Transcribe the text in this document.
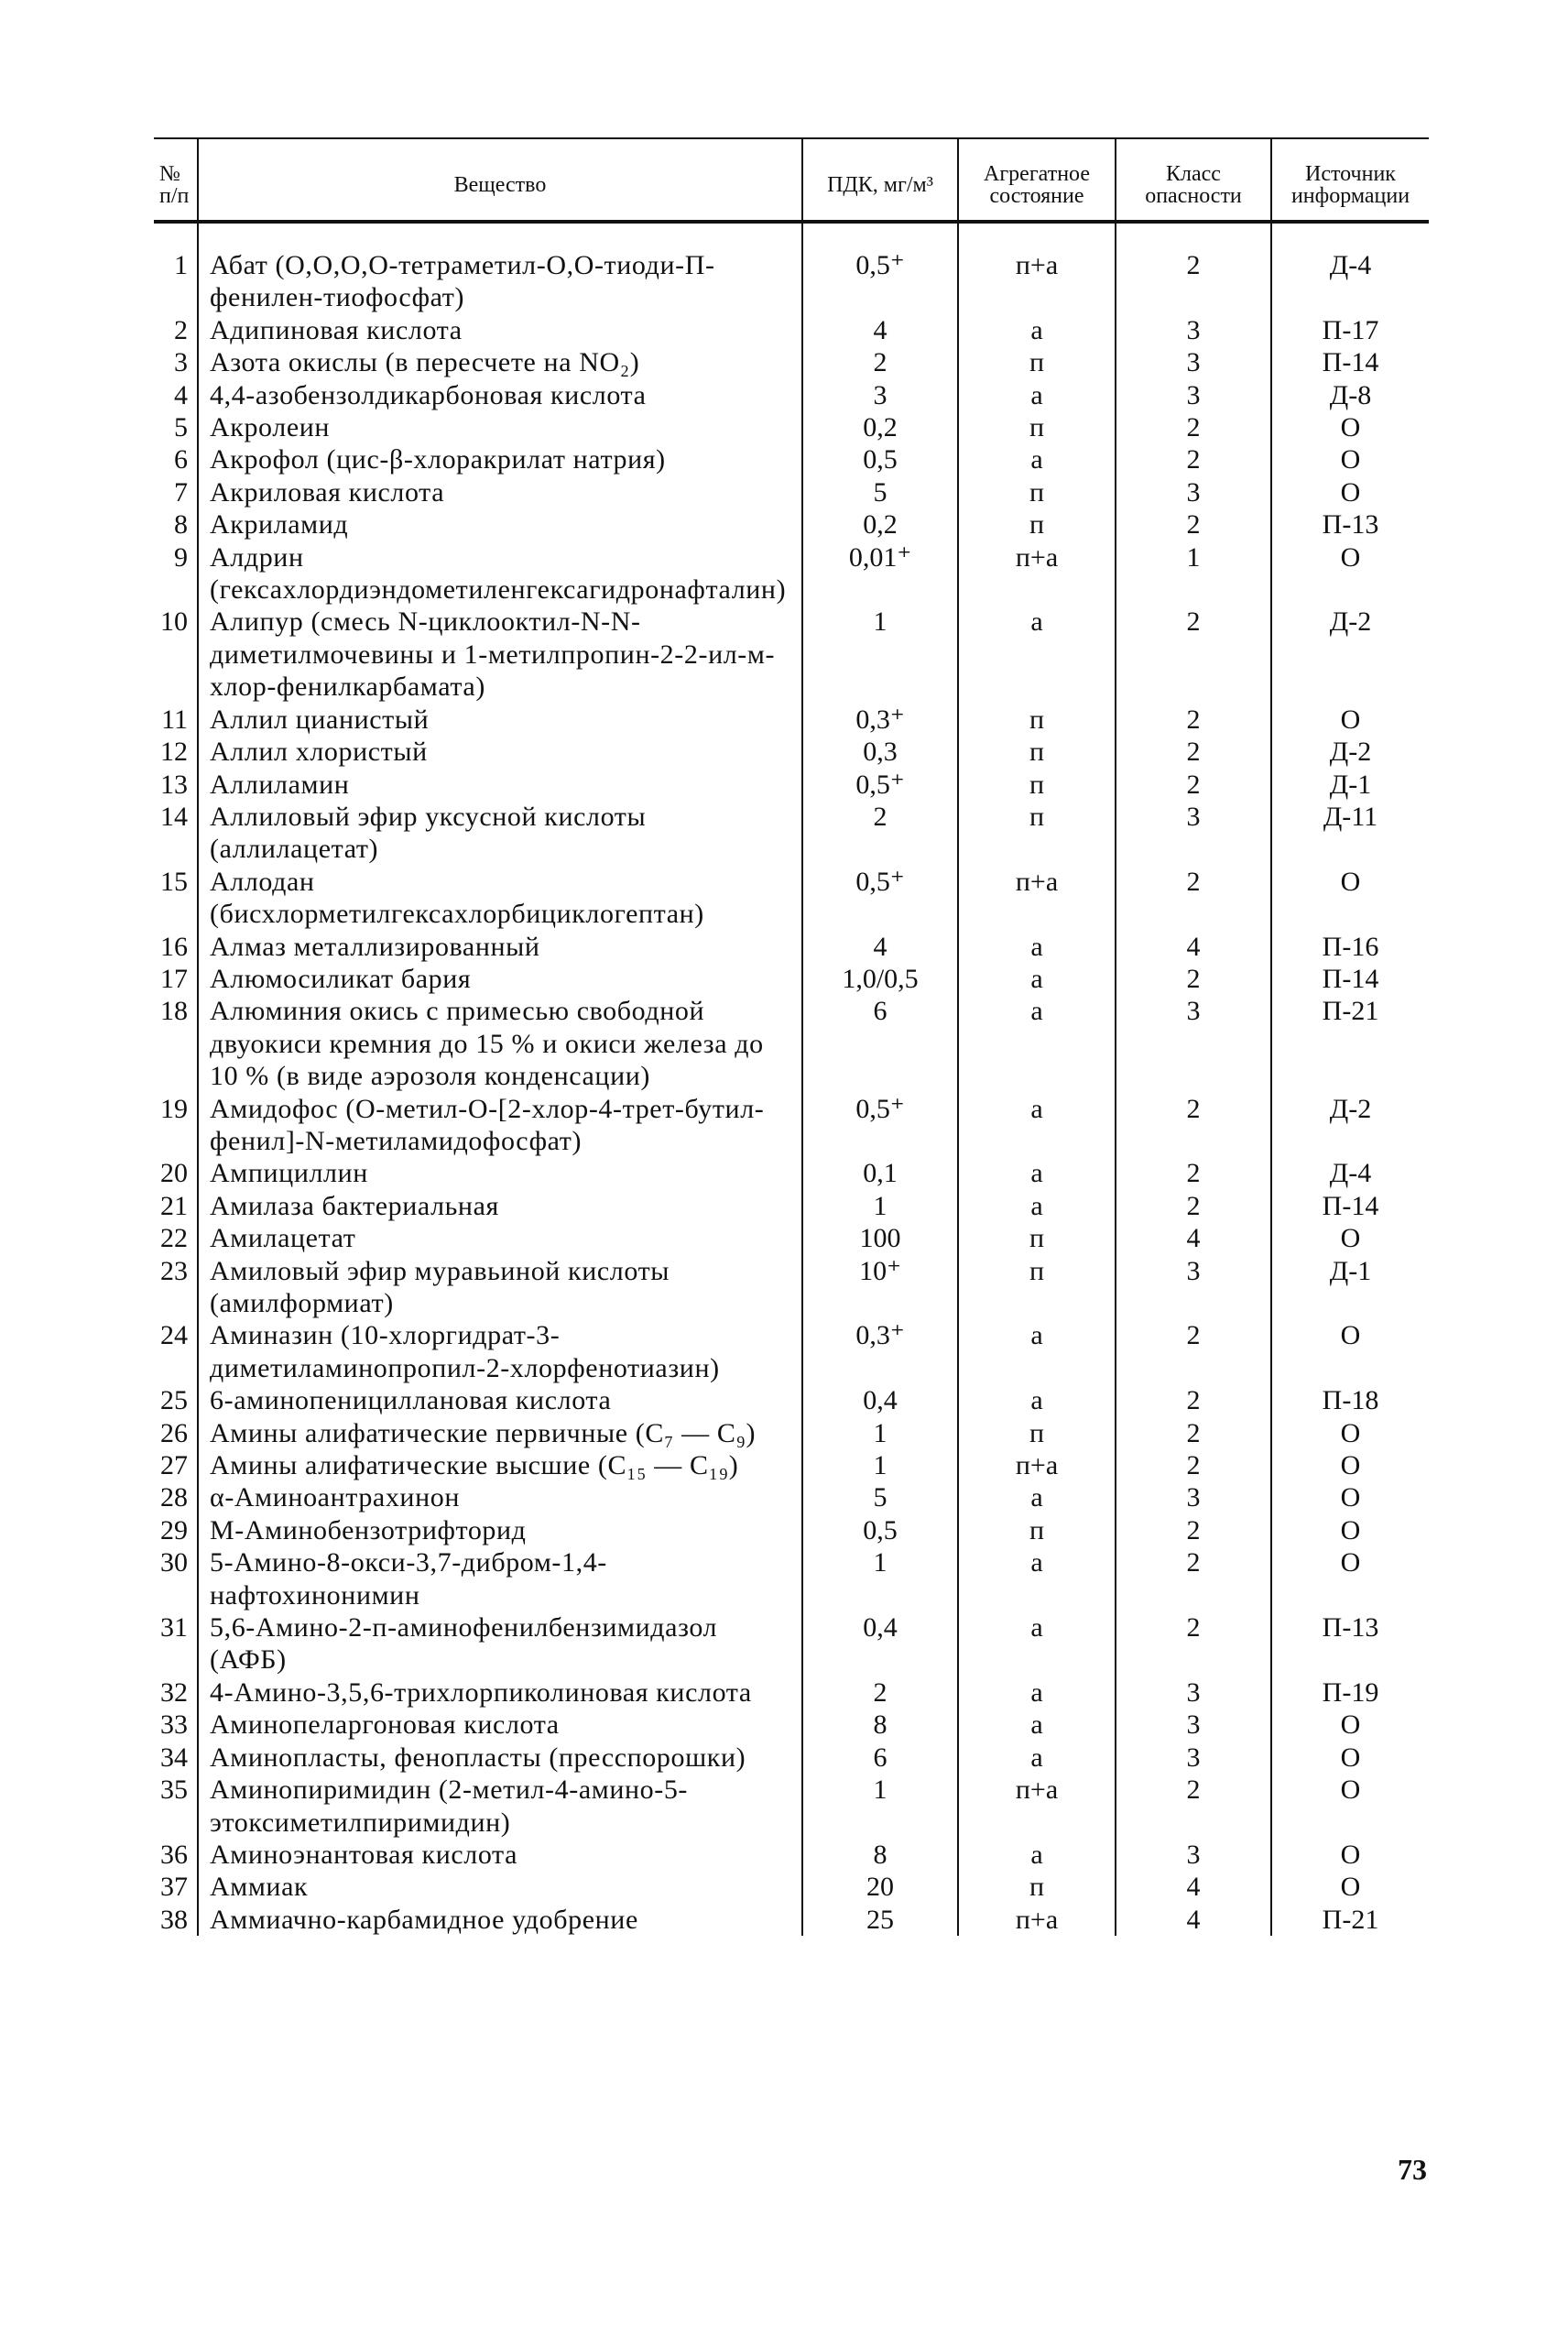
№ п/п	Вещество	ПДК, мг/м³	Агрегатное состояние	Класс опасности	Источник информации
1	Абат (О,О,О,О-тетраметил-О,О-тиоди-П-фенилен-тиофосфат)	0,5⁺	п+а	2	Д-4
2	Адипиновая кислота	4	а	3	П-17
3	Азота окислы (в пересчете на NO₂)	2	п	3	П-14
4	4,4-азобензолдикарбоновая кислота	3	а	3	Д-8
5	Акролеин	0,2	п	2	О
6	Акрофол (цис-β-хлоракрилат натрия)	0,5	а	2	О
7	Акриловая кислота	5	п	3	О
8	Акриламид	0,2	п	2	П-13
9	Алдрин (гексахлордиэндометиленгексагидронафталин)	0,01⁺	п+а	1	О
10	Алипур (смесь N-циклооктил-N-N-диметилмочевины и 1-метилпропин-2-2-ил-м-хлор-фенилкарбамата)	1	а	2	Д-2
11	Аллил цианистый	0,3⁺	п	2	О
12	Аллил хлористый	0,3	п	2	Д-2
13	Аллиламин	0,5⁺	п	2	Д-1
14	Аллиловый эфир уксусной кислоты (аллилацетат)	2	п	3	Д-11
15	Аллодан (бисхлорметилгексахлорбициклогептан)	0,5⁺	п+а	2	О
16	Алмаз металлизированный	4	а	4	П-16
17	Алюмосиликат бария	1,0/0,5	а	2	П-14
18	Алюминия окись с примесью свободной двуокиси кремния до 15 % и окиси железа до 10 % (в виде аэрозоля конденсации)	6	а	3	П-21
19	Амидофос (О-метил-О-[2-хлор-4-трет-бутил-фенил]-N-метиламидофосфат)	0,5⁺	а	2	Д-2
20	Ампициллин	0,1	а	2	Д-4
21	Амилаза бактериальная	1	а	2	П-14
22	Амилацетат	100	п	4	О
23	Амиловый эфир муравьиной кислоты (амилформиат)	10⁺	п	3	Д-1
24	Аминазин (10-хлоргидрат-3-диметиламинопропил-2-хлорфенотиазин)	0,3⁺	а	2	О
25	6-аминопенициллановая кислота	0,4	а	2	П-18
26	Амины алифатические первичные (C₇ — C₉)	1	п	2	О
27	Амины алифатические высшие (C₁₅ — C₁₉)	1	п+а	2	О
28	α-Аминоантрахинон	5	а	3	О
29	М-Аминобензотрифторид	0,5	п	2	О
30	5-Амино-8-окси-3,7-дибром-1,4-нафтохинонимин	1	а	2	О
31	5,6-Амино-2-п-аминофенилбензимидазол (АФБ)	0,4	а	2	П-13
32	4-Амино-3,5,6-трихлорпиколиновая кислота	2	а	3	П-19
33	Аминопеларгоновая кислота	8	а	3	О
34	Аминопласты, фенопласты (пресспорошки)	6	а	3	О
35	Аминопиримидин (2-метил-4-амино-5-этоксиметилпиримидин)	1	п+а	2	О
36	Аминоэнантовая кислота	8	а	3	О
37	Аммиак	20	п	4	О
38	Аммиачно-карбамидное удобрение	25	п+а	4	П-21
73
